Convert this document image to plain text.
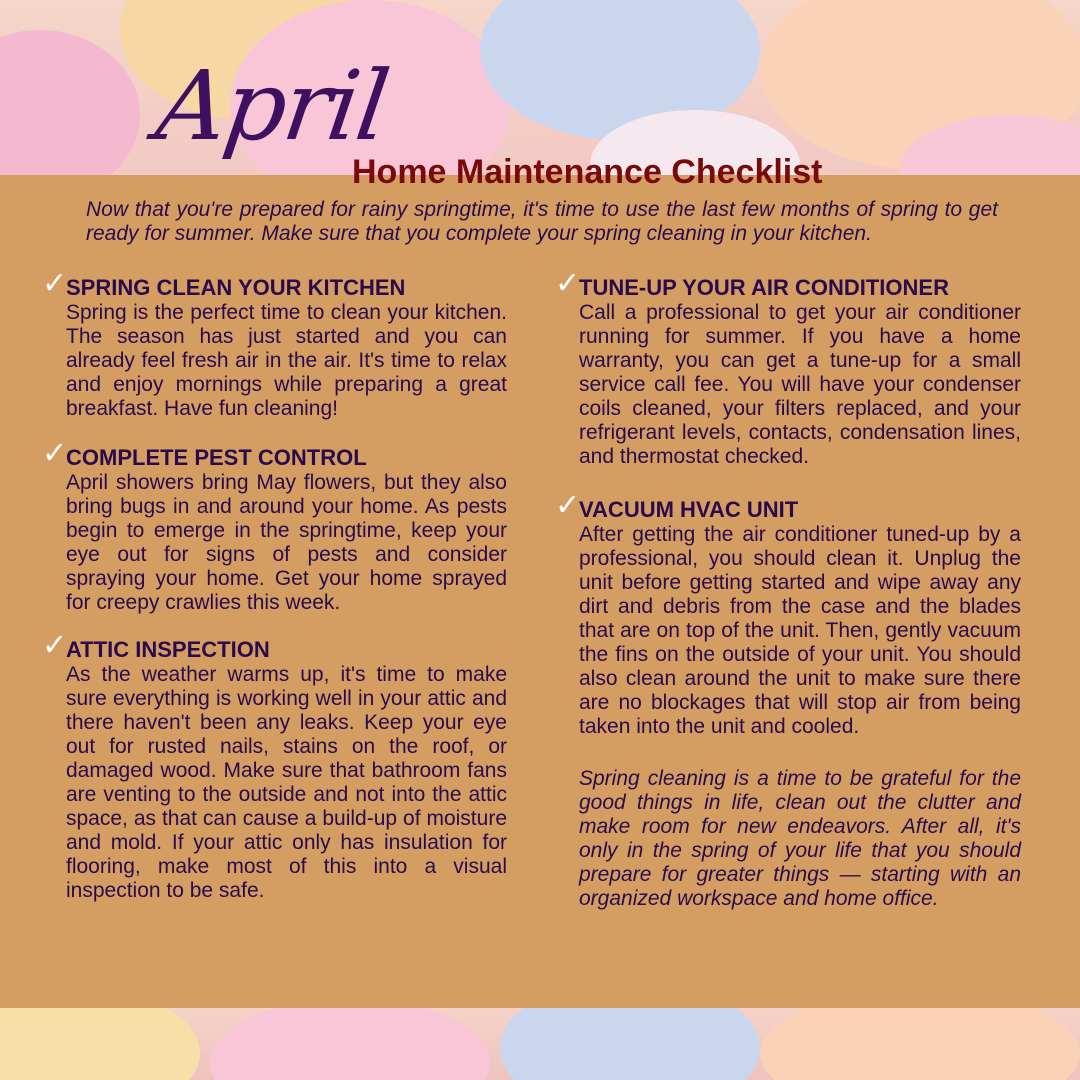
April
Home Maintenance Checklist

Now that you're prepared for rainy springtime, it's time to use the last few months of spring to get ready for summer. Make sure that you complete your spring cleaning in your kitchen.

✓
SPRING CLEAN YOUR KITCHEN

Spring is the perfect time to clean your kitchen. The season has just started and you can already feel fresh air in the air. It's time to relax and enjoy mornings while preparing a great breakfast. Have fun cleaning!

✓
COMPLETE PEST CONTROL

April showers bring May flowers, but they also bring bugs in and around your home. As pests begin to emerge in the springtime, keep your eye out for signs of pests and consider spraying your home. Get your home sprayed for creepy crawlies this week.

✓
ATTIC INSPECTION

As the weather warms up, it's time to make sure everything is working well in your attic and there haven't been any leaks. Keep your eye out for rusted nails, stains on the roof, or damaged wood. Make sure that bathroom fans are venting to the outside and not into the attic space, as that can cause a build-up of moisture and mold. If your attic only has insulation for flooring, make most of this into a visual inspection to be safe.

✓
TUNE-UP YOUR AIR CONDITIONER

Call a professional to get your air conditioner running for summer. If you have a home warranty, you can get a tune-up for a small service call fee. You will have your condenser coils cleaned, your filters replaced, and your refrigerant levels, contacts, condensation lines, and thermostat checked.

✓
VACUUM HVAC UNIT

After getting the air conditioner tuned-up by a professional, you should clean it. Unplug the unit before getting started and wipe away any dirt and debris from the case and the blades that are on top of the unit. Then, gently vacuum the fins on the outside of your unit. You should also clean around the unit to make sure there are no blockages that will stop air from being taken into the unit and cooled.

Spring cleaning is a time to be grateful for the good things in life, clean out the clutter and make room for new endeavors. After all, it's only in the spring of your life that you should prepare for greater things — starting with an organized workspace and home office.
